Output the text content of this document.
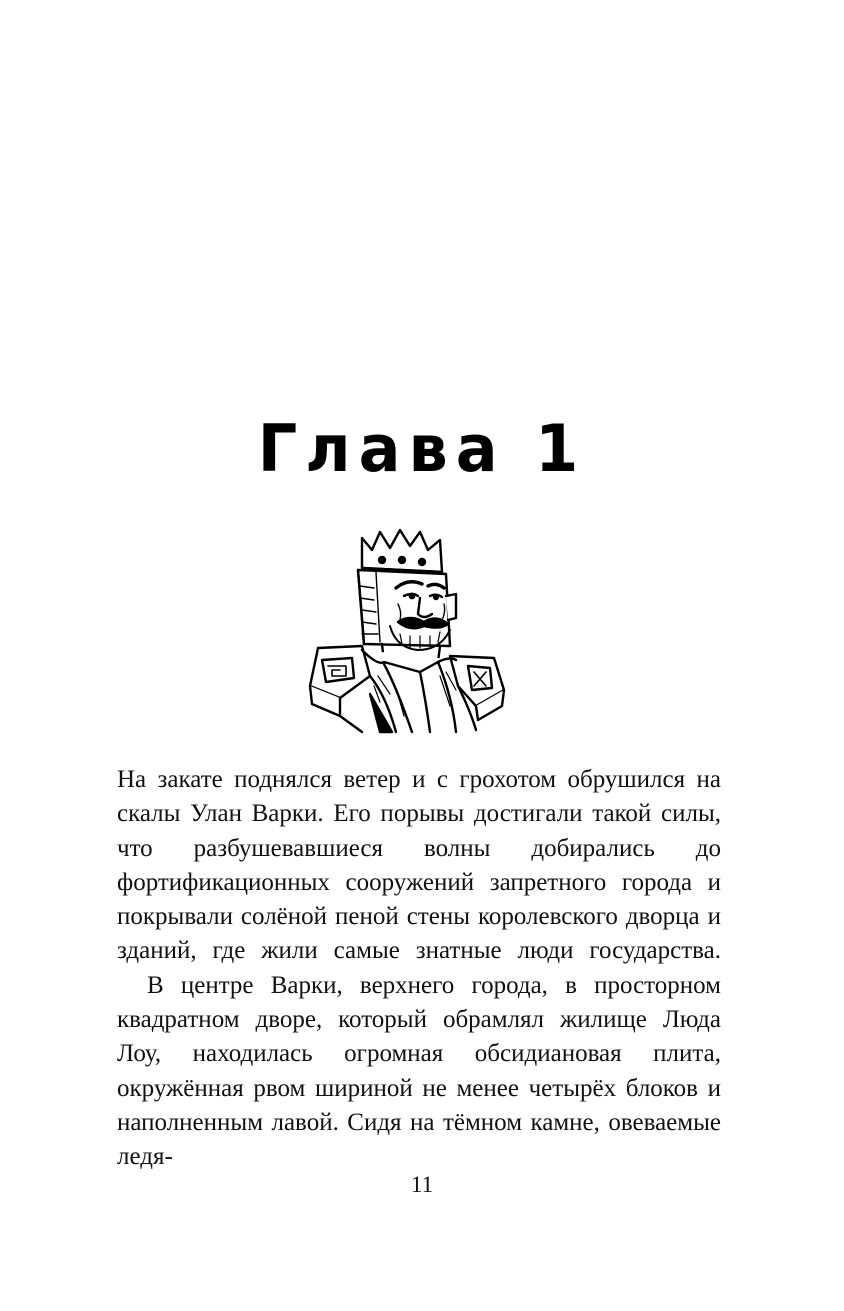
Глава 1

На закате поднялся ветер и с грохотом обрушился на скалы Улан Варки. Его порывы достигали такой силы, что разбушевавшиеся волны добирались до фортификационных сооружений запретного города и покрывали солёной пеной стены королевского дворца и зданий, где жили самые знатные люди государства.

В центре Варки, верхнего города, в просторном квадратном дворе, который обрамлял жилище Люда Лоу, находилась огромная обсидиановая плита, окружённая рвом шириной не менее четырёх блоков и наполненным лавой. Сидя на тёмном камне, овеваемые ледя-

11
